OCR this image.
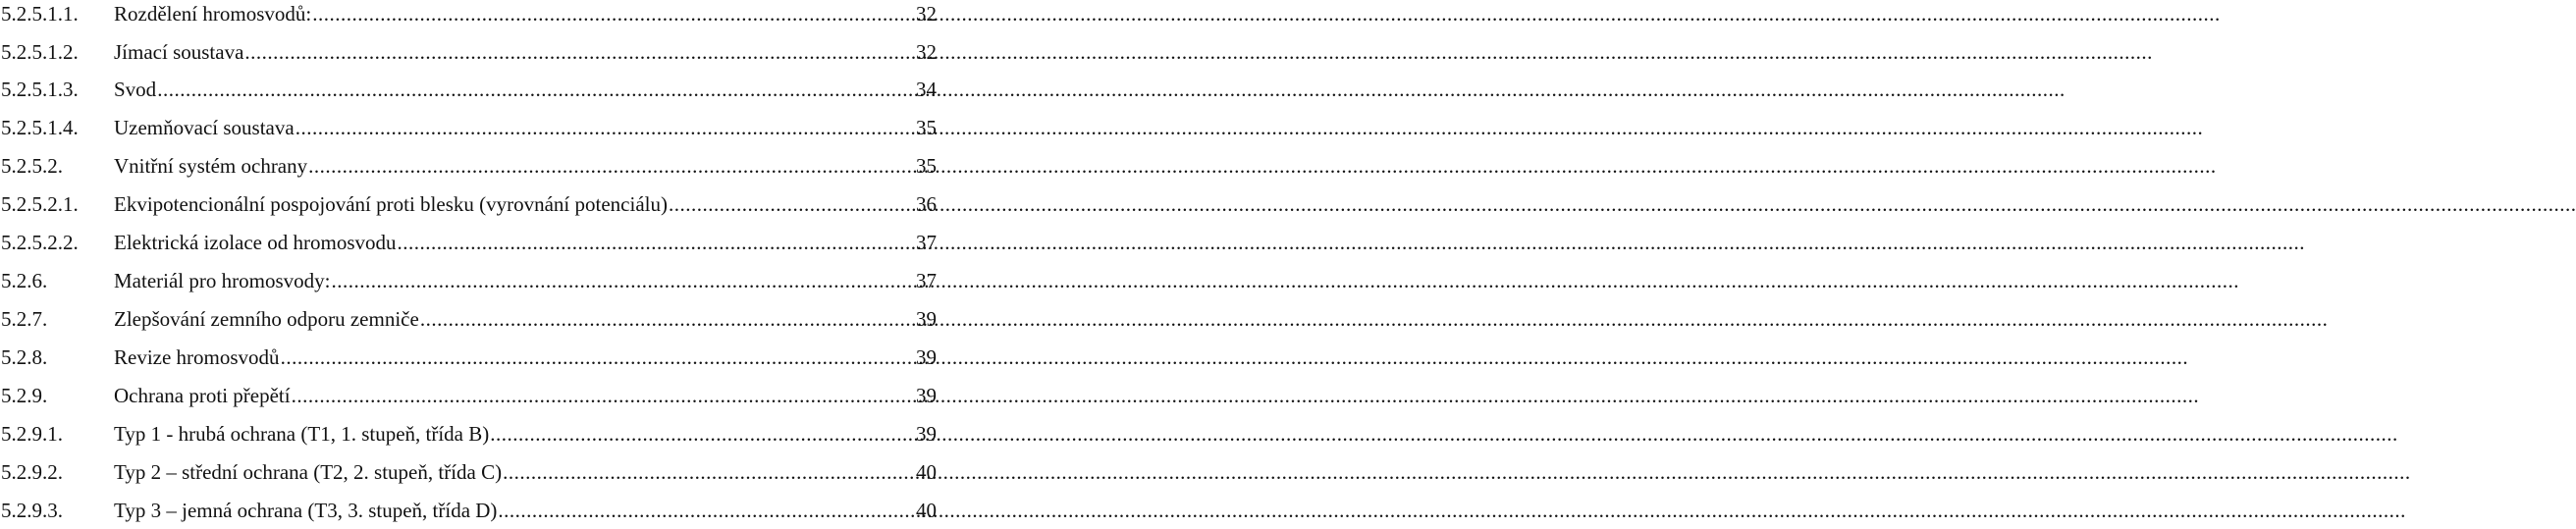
5.2.5.1.1.	Rozdělení hromosvodů: .....	32
5.2.5.1.2.	Jímací soustava .....	32
5.2.5.1.3.	Svod .....	34
5.2.5.1.4.	Uzemňovací soustava .....	35
5.2.5.2.	Vnitřní systém ochrany .....	35
5.2.5.2.1.	Ekvipotencionální pospojování proti blesku (vyrovnání potenciálu) .....	36
5.2.5.2.2.	Elektrická izolace od hromosvodu .....	37
5.2.6.	Materiál pro hromosvody: .....	37
5.2.7.	Zlepšování zemního odporu zemniče .....	39
5.2.8.	Revize hromosvodů .....	39
5.2.9.	Ochrana proti přepětí .....	39
5.2.9.1.	Typ 1 - hrubá ochrana (T1, 1. stupeň, třída B) .....	39
5.2.9.2.	Typ 2 – střední ochrana (T2, 2. stupeň, třída C) .....	40
5.2.9.3.	Typ 3 – jemná ochrana (T3, 3. stupeň, třída D) .....	40
